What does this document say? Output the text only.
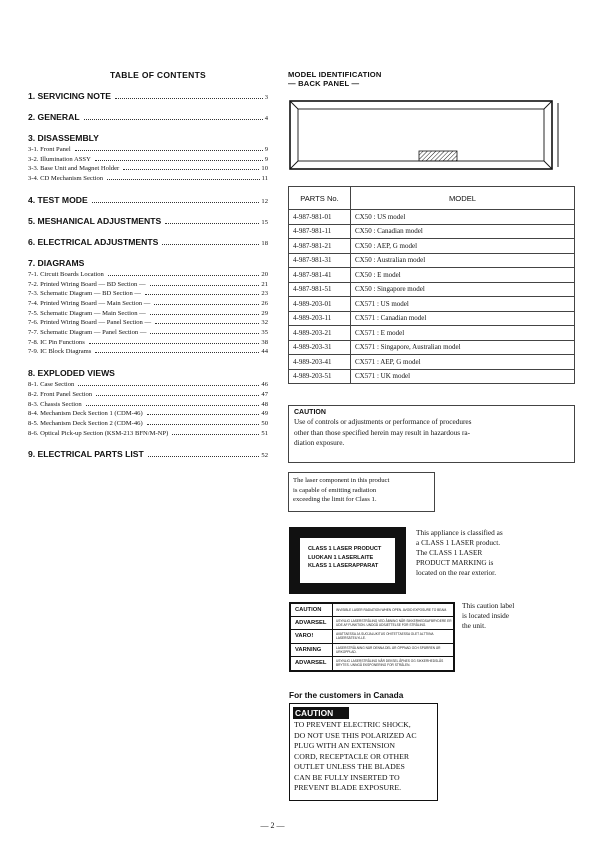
TABLE OF CONTENTS
1. SERVICING NOTE	3
2. GENERAL	4
3. DISASSEMBLY
3-1. Front Panel	9
3-2. Illumination ASSY	9
3-3. Base Unit and Magnet Holder	10
3-4. CD Mechanism Section	11
4. TEST MODE	12
5. MESHANICAL ADJUSTMENTS	15
6. ELECTRICAL ADJUSTMENTS	18
7. DIAGRAMS
7-1. Circuit Boards Location	20
7-2. Printed Wiring Board — BD Section —	21
7-3. Schematic Diagram — BD Section —	23
7-4. Printed Wiring Board — Main Section —	26
7-5. Schematic Diagram — Main Section —	29
7-6. Printed Wiring Board — Panel Section —	32
7-7. Schematic Diagram — Panel Section —	35
7-8. IC Pin Functions	38
7-9. IC Block Diagrams	44
8. EXPLODED VIEWS
8-1. Case Section	46
8-2. Front Panel Section	47
8-3. Chassis Section	48
8-4. Mechanism Deck Section 1 (CDM-46)	49
8-5. Mechanism Deck Section 2 (CDM-46)	50
8-6. Optical Pick-up Section (KSM-213 BFN/M-NP)	51
9. ELECTRICAL PARTS LIST	52
MODEL IDENTIFICATION
— BACK PANEL —
PARTS No.	MODEL
4-987-981-01	CX50 : US model
4-987-981-11	CX50 : Canadian model
4-987-981-21	CX50 : AEP, G model
4-987-981-31	CX50 : Australian model
4-987-981-41	CX50 : E model
4-987-981-51	CX50 : Singapore model
4-989-203-01	CX571 : US model
4-989-203-11	CX571 : Canadian model
4-989-203-21	CX571 : E model
4-989-203-31	CX571 : Singapore, Australian model
4-989-203-41	CX571 : AEP, G model
4-989-203-51	CX571 : UK model
CAUTION
Use of controls or adjustments or performance of procedures
other than those specified herein may result in hazardous ra-
diation exposure.
The laser component in this product
is capable of emitting radiation
exceeding the limit for Class 1.
CLASS 1 LASER PRODUCT
LUOKAN 1 LASERLAITE
KLASS 1 LASERAPPARAT
This appliance is classified as
a CLASS 1 LASER product.
The CLASS 1 LASER
PRODUCT MARKING is
located on the rear exterior.
CAUTION	INVISIBLE LASER RADIATION WHEN OPEN. AVOID EXPOSURE TO BEAM.
ADVARSEL	USYNLIG LASERSTRÅLING VED ÅBNING NÅR SIKKERHEDSAFBRYDERE ER UDE AF FUNKTION. UNDGÅ UDSÆTTELSE FOR STRÅLING.
VARO!	AVATTAESSA JA SUOJALUKITUS OHITETTAESSA OLET ALTTIINA LASERSÄTEILYLLE.
VARNING	LASERSTRÅLNING NÄR DENNA DEL ÄR ÖPPNAD OCH SPÄRREN ÄR URKOPPLAD.
ADVARSEL	USYNLIG LASERSTRÅLING NÅR DEKSEL ÅPNES OG SIKKERHEDSLÅS BRYTES. UNNGÅ EKSPONERING FOR STRÅLEN.
This caution label
is located inside
the unit.
For the customers in Canada
CAUTION
TO PREVENT ELECTRIC SHOCK,
DO NOT USE THIS POLARIZED AC
PLUG WITH AN EXTENSION
CORD, RECEPTACLE OR OTHER
OUTLET UNLESS THE BLADES
CAN BE FULLY INSERTED TO
PREVENT BLADE EXPOSURE.
— 2 —
